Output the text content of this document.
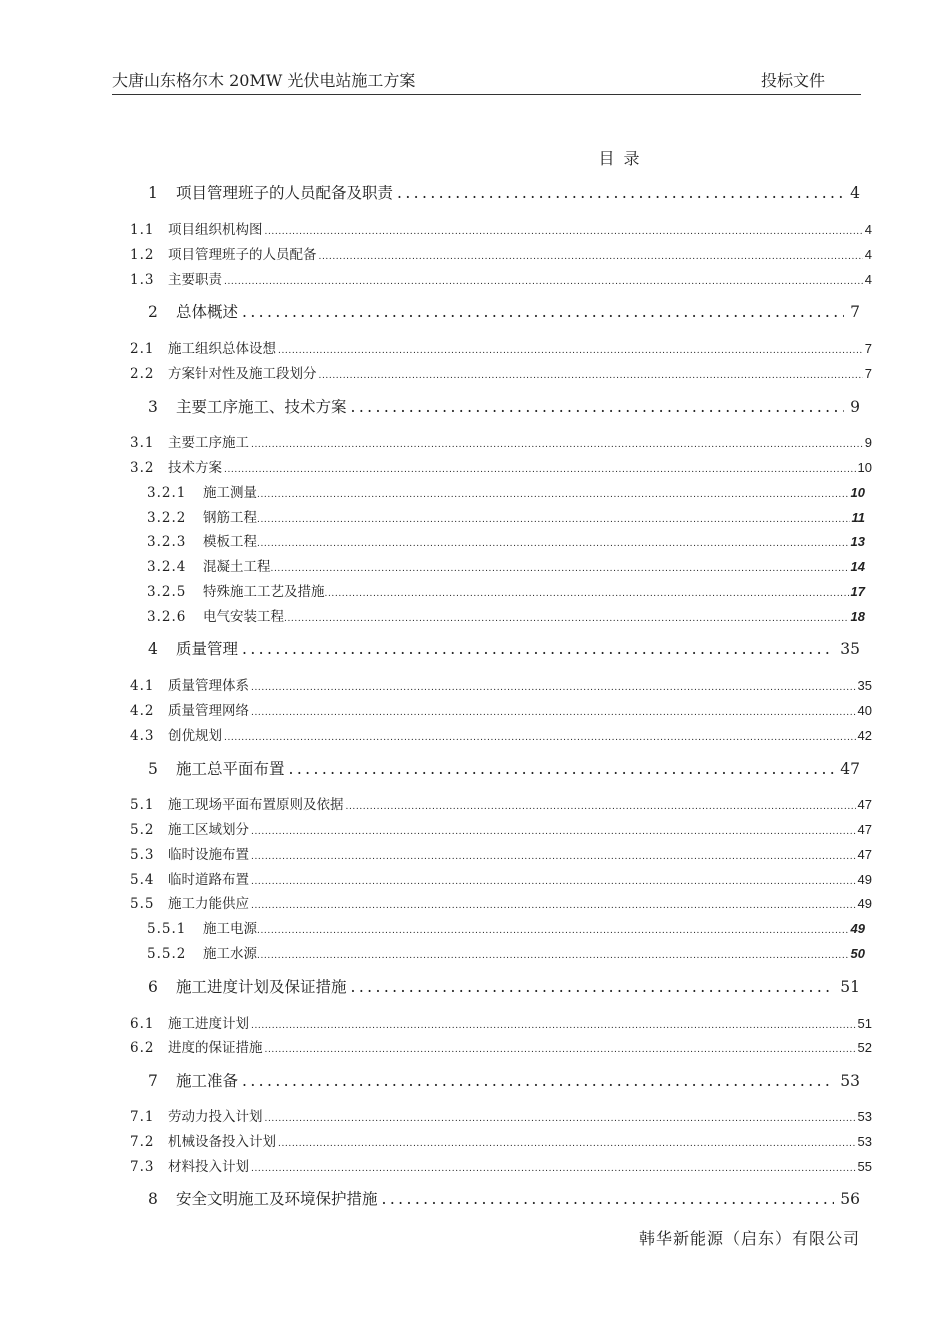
大唐山东格尔木 20MW 光伏电站施工方案	投标文件
目 录
1	项目管理班子的人员配备及职责 .....	4
1.1	项目组织机构图 .....	4
1.2	项目管理班子的人员配备 .....	4
1.3	主要职责 .....	4
2	总体概述 .....	7
2.1	施工组织总体设想 .....	7
2.2	方案针对性及施工段划分 .....	7
3	主要工序施工、技术方案 .....	9
3.1	主要工序施工 .....	9
3.2	技术方案 .....	10
3.2.1	施工测量 .....	10
3.2.2	钢筋工程 .....	11
3.2.3	模板工程 .....	13
3.2.4	混凝土工程 .....	14
3.2.5	特殊施工工艺及措施 .....	17
3.2.6	电气安装工程 .....	18
4	质量管理 .....	35
4.1	质量管理体系 .....	35
4.2	质量管理网络 .....	40
4.3	创优规划 .....	42
5	施工总平面布置 .....	47
5.1	施工现场平面布置原则及依据 .....	47
5.2	施工区域划分 .....	47
5.3	临时设施布置 .....	47
5.4	临时道路布置 .....	49
5.5	施工力能供应 .....	49
5.5.1	施工电源 .....	49
5.5.2	施工水源 .....	50
6	施工进度计划及保证措施 .....	51
6.1	施工进度计划 .....	51
6.2	进度的保证措施 .....	52
7	施工准备 .....	53
7.1	劳动力投入计划 .....	53
7.2	机械设备投入计划 .....	53
7.3	材料投入计划 .....	55
8	安全文明施工及环境保护措施 .....	56
韩华新能源（启东）有限公司
